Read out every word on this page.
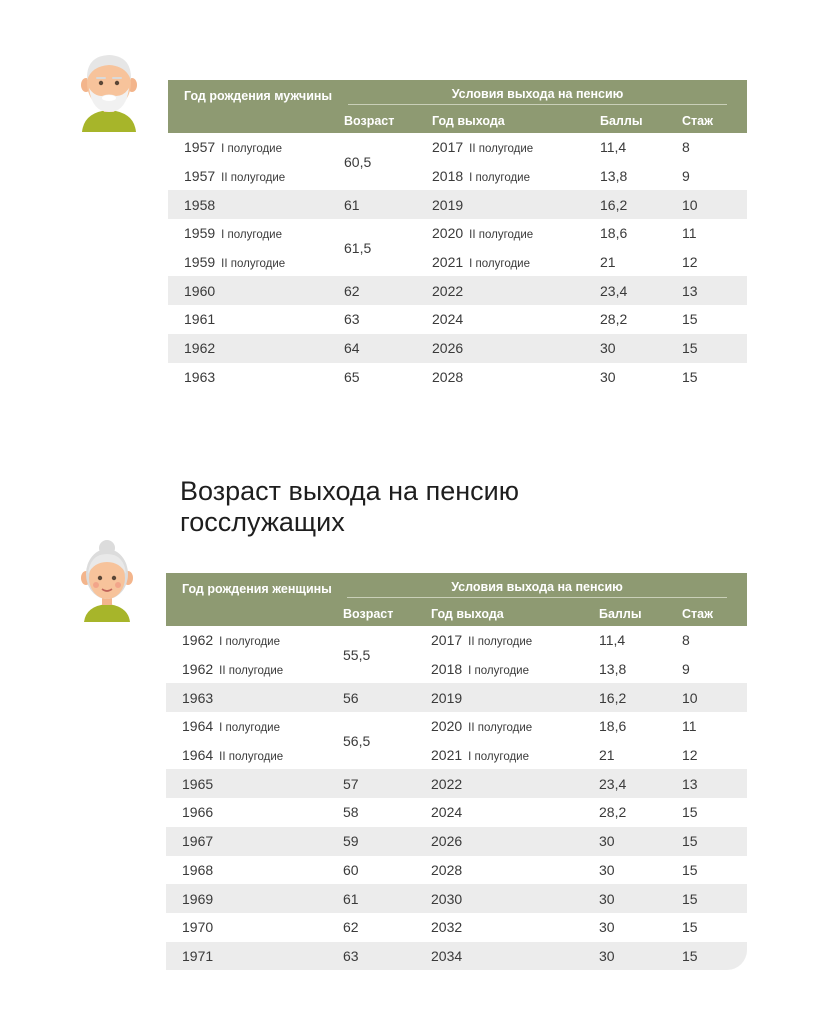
Год рождения мужчины	Условия выхода на пенсию			

	Возраст	Год выхода	Баллы	Стаж
1957 I полугодие	60,5	2017 II полугодие	11,4	8
1957 II полугодие		2018 I полугодие	13,8	9
1958	61	2019	16,2	10
1959 I полугодие	61,5	2020 II полугодие	18,6	11
1959 II полугодие		2021 I полугодие	21	12
1960	62	2022	23,4	13
1961	63	2024	28,2	15
1962	64	2026	30	15
1963	65	2028	30	15
Возраст выхода на пенсию
госслужащих
Год рождения женщины	Условия выхода на пенсию			

	Возраст	Год выхода	Баллы	Стаж
1962 I полугодие	55,5	2017 II полугодие	11,4	8
1962 II полугодие		2018 I полугодие	13,8	9
1963	56	2019	16,2	10
1964 I полугодие	56,5	2020 II полугодие	18,6	11
1964 II полугодие		2021 I полугодие	21	12
1965	57	2022	23,4	13
1966	58	2024	28,2	15
1967	59	2026	30	15
1968	60	2028	30	15
1969	61	2030	30	15
1970	62	2032	30	15
1971	63	2034	30	15
